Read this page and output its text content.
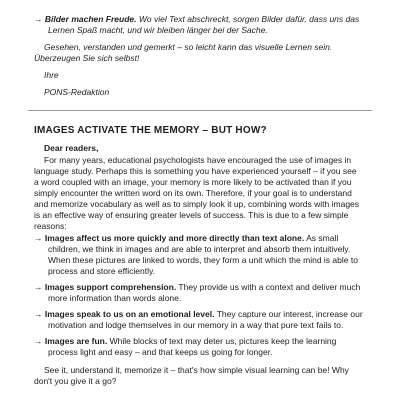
→ Bilder machen Freude. Wo viel Text abschreckt, sorgen Bilder dafür, dass uns das
Lernen Spaß macht, und wir bleiben länger bei der Sache.
Gesehen, verstanden und gemerkt – so leicht kann das visuelle Lernen sein.
Überzeugen Sie sich selbst!
Ihre
PONS-Redaktion
IMAGES ACTIVATE THE MEMORY – BUT HOW?
Dear readers,
For many years, educational psychologists have encouraged the use of images in
language study. Perhaps this is something you have experienced yourself – if you see
a word coupled with an image, your memory is more likely to be activated than if you
simply encounter the written word on its own. Therefore, if your goal is to understand
and memorize vocabulary as well as to simply look it up, combining words with images
is an effective way of ensuring greater levels of success. This is due to a few simple
reasons:
→ Images affect us more quickly and more directly than text alone. As small
children, we think in images and are able to interpret and absorb them intuitively.
When these pictures are linked to words, they form a unit which the mind is able to
process and store efficiently.
→ Images support comprehension. They provide us with a context and deliver much
more information than words alone.
→ Images speak to us on an emotional level. They capture our interest, increase our
motivation and lodge themselves in our memory in a way that pure text fails to.
→ Images are fun. While blocks of text may deter us, pictures keep the learning
process light and easy – and that keeps us going for longer.
See it, understand it, memorize it – that's how simple visual learning can be! Why
don't you give it a go?
